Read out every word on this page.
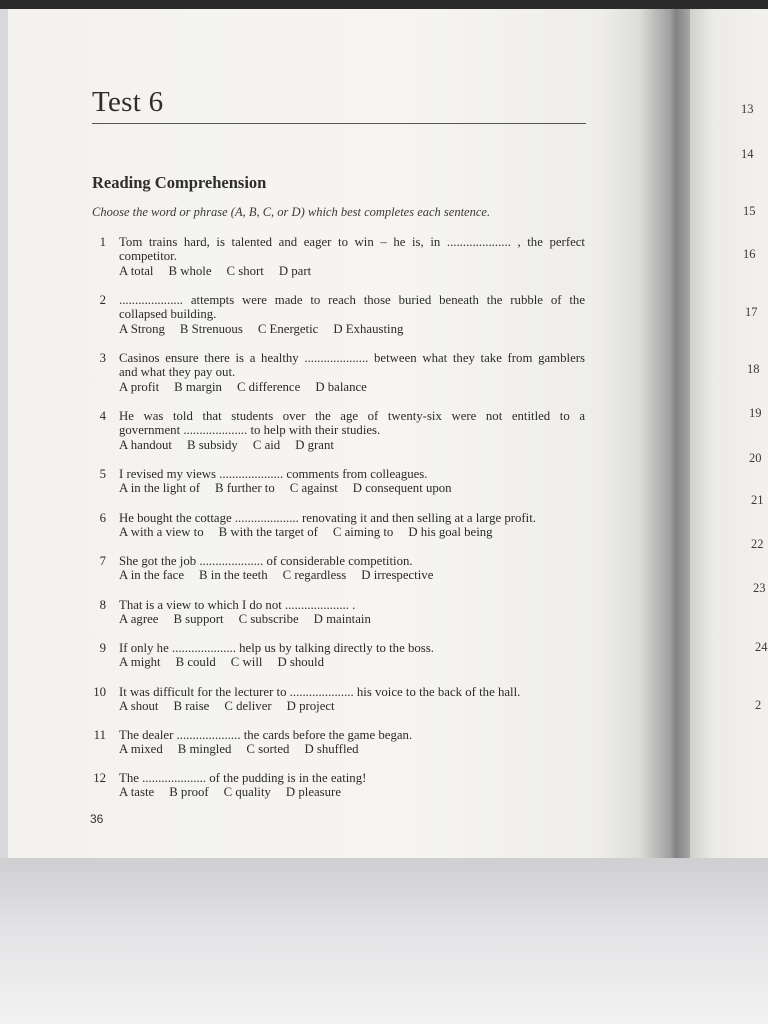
Test 6
Reading Comprehension
Choose the word or phrase (A, B, C, or D) which best completes each sentence.
1 Tom trains hard, is talented and eager to win – he is, in .................... , the perfect
competitor.
A total B whole C short D part
2 .................... attempts were made to reach those buried beneath the rubble of the
collapsed building.
A Strong B Strenuous C Energetic D Exhausting
3 Casinos ensure there is a healthy .................... between what they take from gamblers
and what they pay out.
A profit B margin C difference D balance
4 He was told that students over the age of twenty-six were not entitled to a
government .................... to help with their studies.
A handout B subsidy C aid D grant
5 I revised my views .................... comments from colleagues.
A in the light of B further to C against D consequent upon
6 He bought the cottage .................... renovating it and then selling at a large profit.
A with a view to B with the target of C aiming to D his goal being
7 She got the job .................... of considerable competition.
A in the face B in the teeth C regardless D irrespective
8 That is a view to which I do not .................... .
A agree B support C subscribe D maintain
9 If only he .................... help us by talking directly to the boss.
A might B could C will D should
10 It was difficult for the lecturer to .................... his voice to the back of the hall.
A shout B raise C deliver D project
11 The dealer .................... the cards before the game began.
A mixed B mingled C sorted D shuffled
12 The .................... of the pudding is in the eating!
A taste B proof C quality D pleasure
36
13
14
15
16
17
18
19
20
21
22
23
24
2
